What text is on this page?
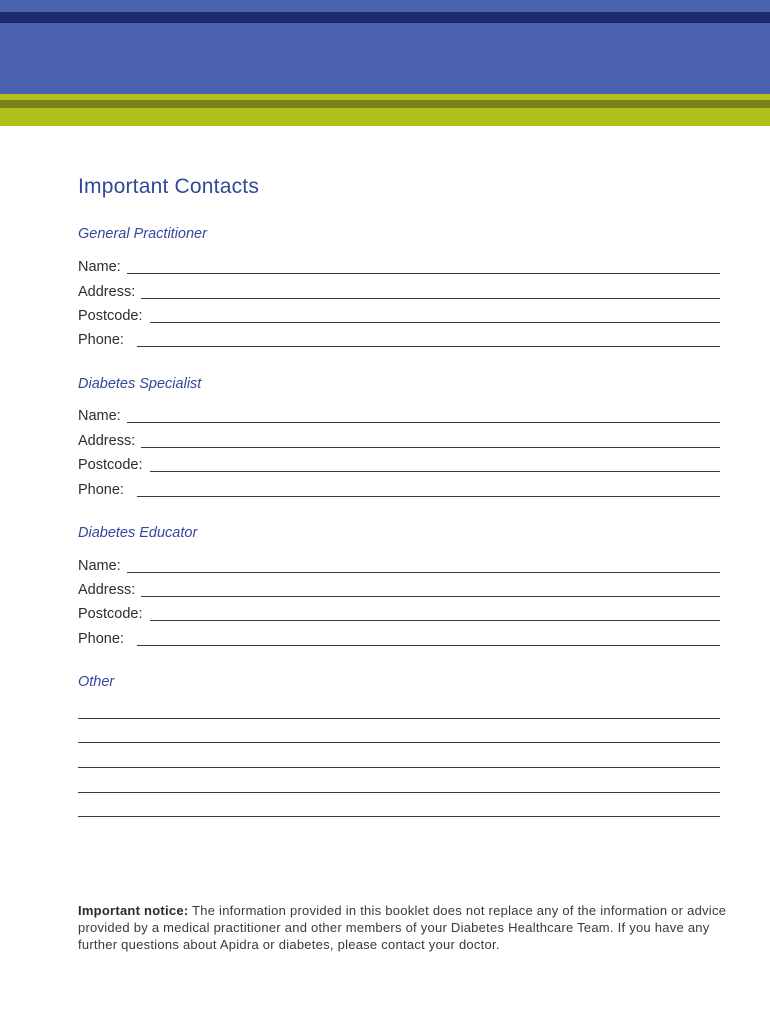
Important Contacts
General Practitioner
Name:
Address:
Postcode:
Phone:
Diabetes Specialist
Name:
Address:
Postcode:
Phone:
Diabetes Educator
Name:
Address:
Postcode:
Phone:
Other

Important notice: The information provided in this booklet does not replace any of the information or advice provided by a medical practitioner and other members of your Diabetes Healthcare Team. If you have any further questions about Apidra or diabetes, please contact your doctor.
